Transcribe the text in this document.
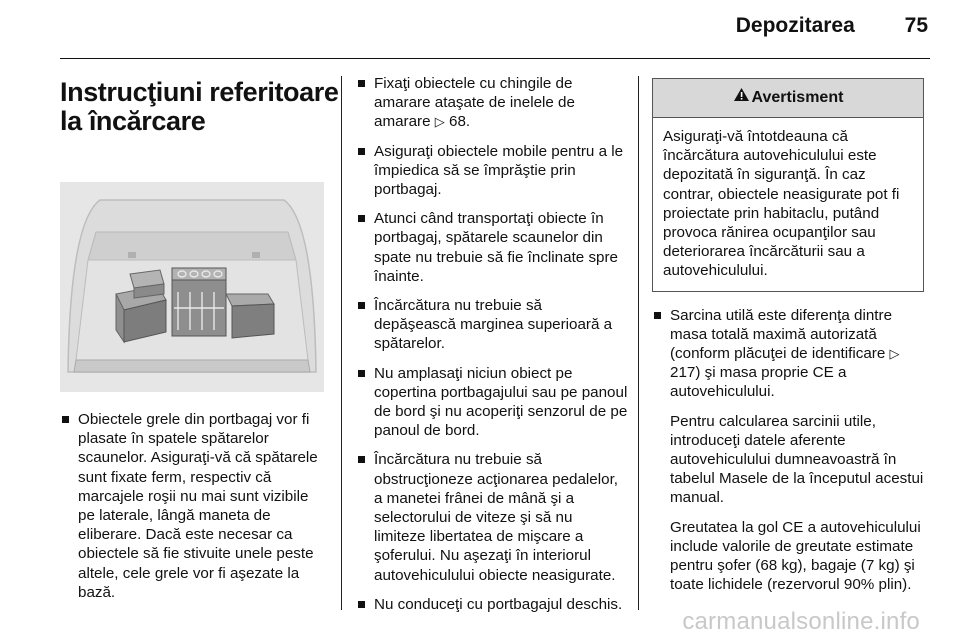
Depozitarea 75
Instrucţiuni referitoare la încărcare
Obiectele grele din portbagaj vor fi plasate în spatele spătarelor scaunelor. Asiguraţi-vă că spătarele sunt fixate ferm, respectiv că marcajele roşii nu mai sunt vizibile pe laterale, lângă maneta de eliberare. Dacă este necesar ca obiectele să fie stivuite unele peste altele, cele grele vor fi aşezate la bază.
Fixaţi obiectele cu chingile de amarare ataşate de inelele de amarare ▷ 68.
Asiguraţi obiectele mobile pentru a le împiedica să se împrăştie prin portbagaj.
Atunci când transportaţi obiecte în portbagaj, spătarele scaunelor din spate nu trebuie să fie înclinate spre înainte.
Încărcătura nu trebuie să depăşească marginea superioară a spătarelor.
Nu amplasaţi niciun obiect pe copertina portbagajului sau pe panoul de bord şi nu acoperiţi senzorul de pe panoul de bord.
Încărcătura nu trebuie să obstrucţioneze acţionarea pedalelor, a manetei frânei de mână şi a selectorului de viteze şi să nu limiteze libertatea de mişcare a şoferului. Nu aşezaţi în interiorul autovehiculului obiecte neasigurate.
Nu conduceţi cu portbagajul deschis.
Avertisment
Asiguraţi-vă întotdeauna că încărcătura autovehiculului este depozitată în siguranţă. În caz contrar, obiectele neasigurate pot fi proiectate prin habitaclu, putând provoca rănirea ocupanţilor sau deteriorarea încărcăturii sau a autovehiculului.
Sarcina utilă este diferenţa dintre masa totală maximă autorizată (conform plăcuţei de identificare ▷ 217) şi masa proprie CE a autovehiculului.
Pentru calcularea sarcinii utile, introduceţi datele aferente autovehiculului dumneavoastră în tabelul Masele de la începutul acestui manual.
Greutatea la gol CE a autovehiculului include valorile de greutate estimate pentru şofer (68 kg), bagaje (7 kg) şi toate lichidele (rezervorul 90% plin).
carmanualsonline.info
